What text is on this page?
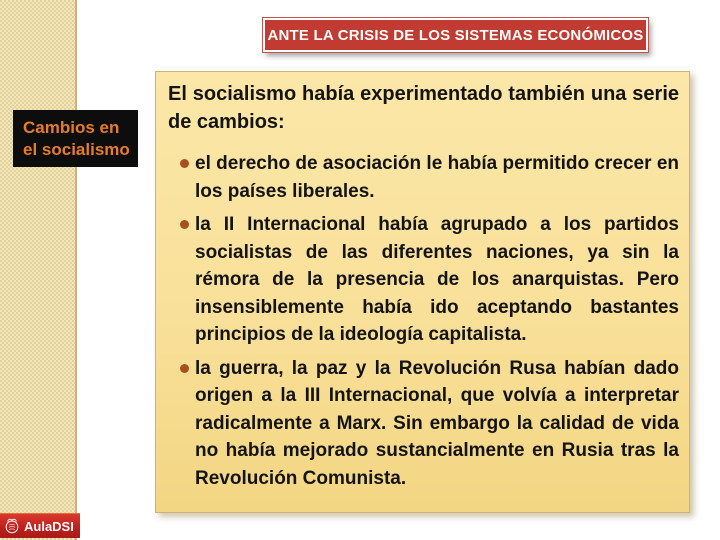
ANTE LA CRISIS DE LOS SISTEMAS ECONÓMICOS
Cambios en
el socialismo
El socialismo había experimentado también una serie de cambios:
el derecho de asociación le había permitido crecer en los países liberales.
la II Internacional había agrupado a los partidos socialistas de las diferentes naciones, ya sin la rémora de la presencia de los anarquistas. Pero insensiblemente había ido aceptando bastantes principios de la ideología capitalista.
la guerra, la paz y la Revolución Rusa habían dado origen a la III Internacional, que volvía a interpretar radicalmente a Marx. Sin embargo la calidad de vida no había mejorado sustancialmente en Rusia tras la Revolución Comunista.
AulaDSI
